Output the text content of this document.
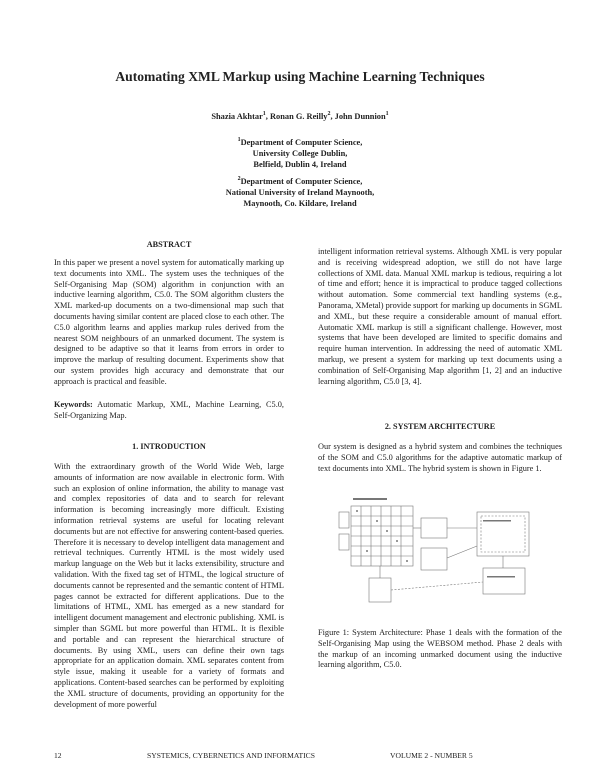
Automating XML Markup using Machine Learning Techniques
Shazia Akhtar$^1$, Ronan G. Reilly$^2$, John Dunnion$^1$
$^1$Department of Computer Science,
University College Dublin,
Belfield, Dublin 4, Ireland
$^2$Department of Computer Science,
National University of Ireland Maynooth,
Maynooth, Co. Kildare, Ireland
ABSTRACT

In this paper we present a novel system for automatically marking up text documents into XML. The system uses the techniques of the Self-Organising Map (SOM) algorithm in conjunction with an inductive learning algorithm, C5.0. The SOM algorithm clusters the XML marked-up documents on a two-dimensional map such that documents having similar content are placed close to each other. The C5.0 algorithm learns and applies markup rules derived from the nearest SOM neighbours of an unmarked document. The system is designed to be adaptive so that it learns from errors in order to improve the markup of resulting document. Experiments show that our system provides high accuracy and demonstrate that our approach is practical and feasible.

Keywords: Automatic Markup, XML, Machine Learning, C5.0, Self-Organizing Map.

1. INTRODUCTION

With the extraordinary growth of the World Wide Web, large amounts of information are now available in electronic form. With such an explosion of online information, the ability to manage vast and complex repositories of data and to search for relevant information is becoming increasingly more difficult. Existing information retrieval systems are useful for locating relevant documents but are not effective for answering content-based queries. Therefore it is necessary to develop intelligent data management and retrieval techniques. Currently HTML is the most widely used markup language on the Web but it lacks extensibility, structure and validation. With the fixed tag set of HTML, the logical structure of documents cannot be represented and the semantic content of HTML pages cannot be extracted for different applications. Due to the limitations of HTML, XML has emerged as a new standard for intelligent document management and electronic publishing. XML is simpler than SGML but more powerful than HTML. It is flexible and portable and can represent the hierarchical structure of documents. By using XML, users can define their own tags appropriate for an application domain. XML separates content from style issue, making it useable for a variety of formats and applications. Content-based searches can be performed by exploiting the XML structure of documents, providing an opportunity for the development of more powerful

intelligent information retrieval systems. Although XML is very popular and is receiving widespread adoption, we still do not have large collections of XML data. Manual XML markup is tedious, requiring a lot of time and effort; hence it is impractical to produce tagged collections without automation. Some commercial text handling systems (e.g., Panorama, XMetal) provide support for marking up documents in SGML and XML, but these require a considerable amount of manual effort. Automatic XML markup is still a significant challenge. However, most systems that have been developed are limited to specific domains and require human intervention. In addressing the need of automatic XML markup, we present a system for marking up text documents using a combination of Self-Organising Map algorithm [1, 2] and an inductive learning algorithm, C5.0 [3, 4].

2. SYSTEM ARCHITECTURE

Our system is designed as a hybrid system and combines the techniques of the SOM and C5.0 algorithms for the adaptive automatic markup of text documents into XML. The hybrid system is shown in Figure 1.

Figure 1: System Architecture: Phase 1 deals with the formation of the Self-Organising Map using the WEBSOM method. Phase 2 deals with the markup of an incoming unmarked document using the inductive learning algorithm, C5.0.
12	SYSTEMICS, CYBERNETICS AND INFORMATICS	VOLUME 2 - NUMBER 5
